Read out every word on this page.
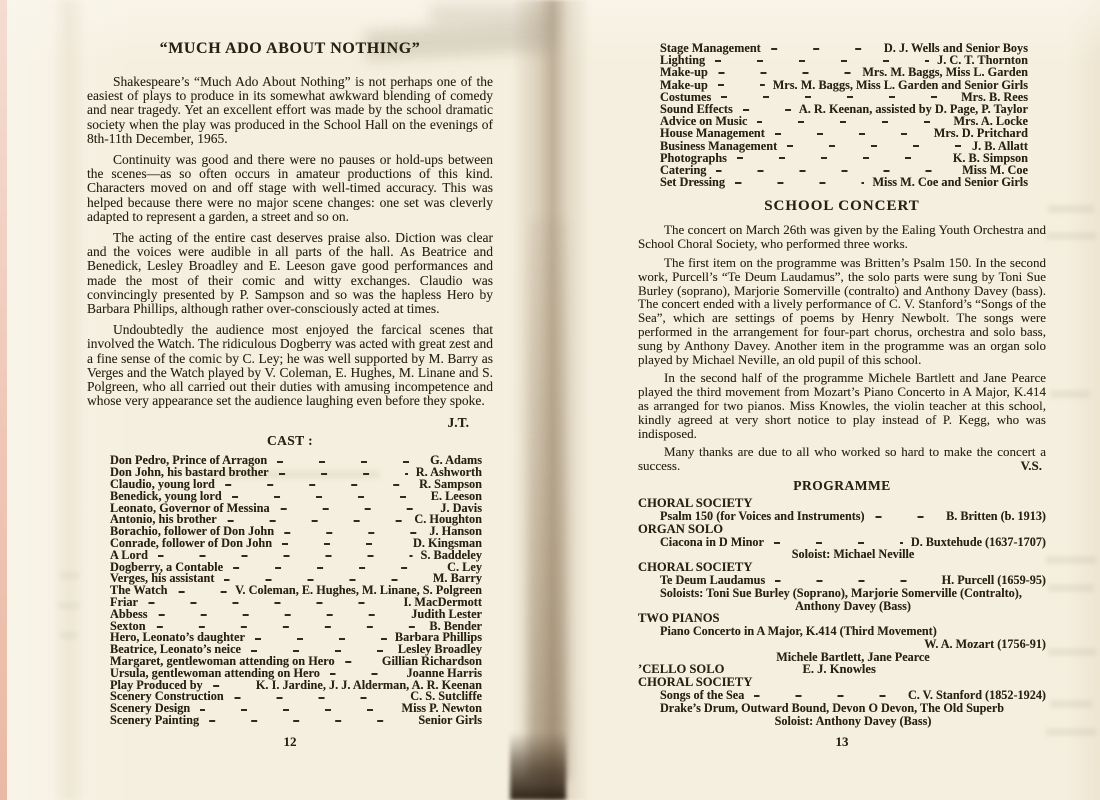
“MUCH ADO ABOUT NOTHING”

Shakespeare’s “Much Ado About Nothing” is not perhaps one of the easiest of plays to produce in its somewhat awkward blending of comedy and near tragedy. Yet an excellent effort was made by the school dramatic society when the play was produced in the School Hall on the evenings of 8th-11th December, 1965.

Continuity was good and there were no pauses or hold-ups between the scenes—as so often occurs in amateur productions of this kind. Characters moved on and off stage with well-timed accuracy. This was helped because there were no major scene changes: one set was cleverly adapted to represent a garden, a street and so on.

The acting of the entire cast deserves praise also. Diction was clear and the voices were audible in all parts of the hall. As Beatrice and Benedick, Lesley Broadley and E. Leeson gave good performances and made the most of their comic and witty exchanges. Claudio was convincingly presented by P. Sampson and so was the hapless Hero by Barbara Phillips, although rather over-consciously acted at times.

Undoubtedly the audience most enjoyed the farcical scenes that involved the Watch. The ridiculous Dogberry was acted with great zest and a fine sense of the comic by C. Ley; he was well supported by M. Barry as Verges and the Watch played by V. Coleman, E. Hughes, M. Linane and S. Polgreen, who all carried out their duties with amusing incompetence and whose very appearance set the audience laughing even before they spoke.

J.T.
CAST :
Don Pedro, Prince of Arragon	G. Adams
Don John, his bastard brother	R. Ashworth
Claudio, young lord	R. Sampson
Benedick, young lord	E. Leeson
Leonato, Governor of Messina	J. Davis
Antonio, his brother	C. Houghton
Borachio, follower of Don John	J. Hanson
Conrade, follower of Don John	D. Kingsman
A Lord	S. Baddeley
Dogberry, a Contable	C. Ley
Verges, his assistant	M. Barry
The Watch	V. Coleman, E. Hughes, M. Linane, S. Polgreen
Friar	I. MacDermott
Abbess	Judith Lester
Sexton	B. Bender
Hero, Leonato’s daughter	Barbara Phillips
Beatrice, Leonato’s neice	Lesley Broadley
Margaret, gentlewoman attending on Hero	Gillian Richardson
Ursula, gentlewoman attending on Hero	Joanne Harris
Play Produced by	K. I. Jardine, J. J. Alderman, A. R. Keenan
Scenery Construction	C. S. Sutcliffe
Scenery Design	Miss P. Newton
Scenery Painting	Senior Girls
12
Stage Management	D. J. Wells and Senior Boys
Lighting	J. C. T. Thornton
Make-up	Mrs. M. Baggs, Miss L. Garden
Make-up	Mrs. M. Baggs, Miss L. Garden and Senior Girls
Costumes	Mrs. B. Rees
Sound Effects	A. R. Keenan, assisted by D. Page, P. Taylor
Advice on Music	Mrs. A. Locke
House Management	Mrs. D. Pritchard
Business Management	J. B. Allatt
Photographs	K. B. Simpson
Catering	Miss M. Coe
Set Dressing	Miss M. Coe and Senior Girls
SCHOOL CONCERT

The concert on March 26th was given by the Ealing Youth Orchestra and School Choral Society, who performed three works.

The first item on the programme was Britten’s Psalm 150. In the second work, Purcell’s “Te Deum Laudamus”, the solo parts were sung by Toni Sue Burley (soprano), Marjorie Somerville (contralto) and Anthony Davey (bass). The concert ended with a lively performance of C. V. Stanford’s “Songs of the Sea”, which are settings of poems by Henry Newbolt. The songs were performed in the arrangement for four-part chorus, orchestra and solo bass, sung by Anthony Davey. Another item in the programme was an organ solo played by Michael Neville, an old pupil of this school.

In the second half of the programme Michele Bartlett and Jane Pearce played the third movement from Mozart’s Piano Concerto in A Major, K.414 as arranged for two pianos. Miss Knowles, the violin teacher at this school, kindly agreed at very short notice to play instead of P. Kegg, who was indisposed.

Many thanks are due to all who worked so hard to make the concert a success.	V.S.

PROGRAMME
CHORAL SOCIETY
Psalm 150 (for Voices and Instruments)	B. Britten (b. 1913)
ORGAN SOLO
Ciacona in D Minor	D. Buxtehude (1637-1707)
Soloist: Michael Neville
CHORAL SOCIETY
Te Deum Laudamus	H. Purcell (1659-95)
Soloists: Toni Sue Burley (Soprano), Marjorie Somerville (Contralto),
Anthony Davey (Bass)
TWO PIANOS
Piano Concerto in A Major, K.414 (Third Movement)
W. A. Mozart (1756-91)
Michele Bartlett, Jane Pearce
’CELLO SOLO	E. J. Knowles
CHORAL SOCIETY
Songs of the Sea	C. V. Stanford (1852-1924)
Drake’s Drum, Outward Bound, Devon O Devon, The Old Superb
Soloist: Anthony Davey (Bass)
13
